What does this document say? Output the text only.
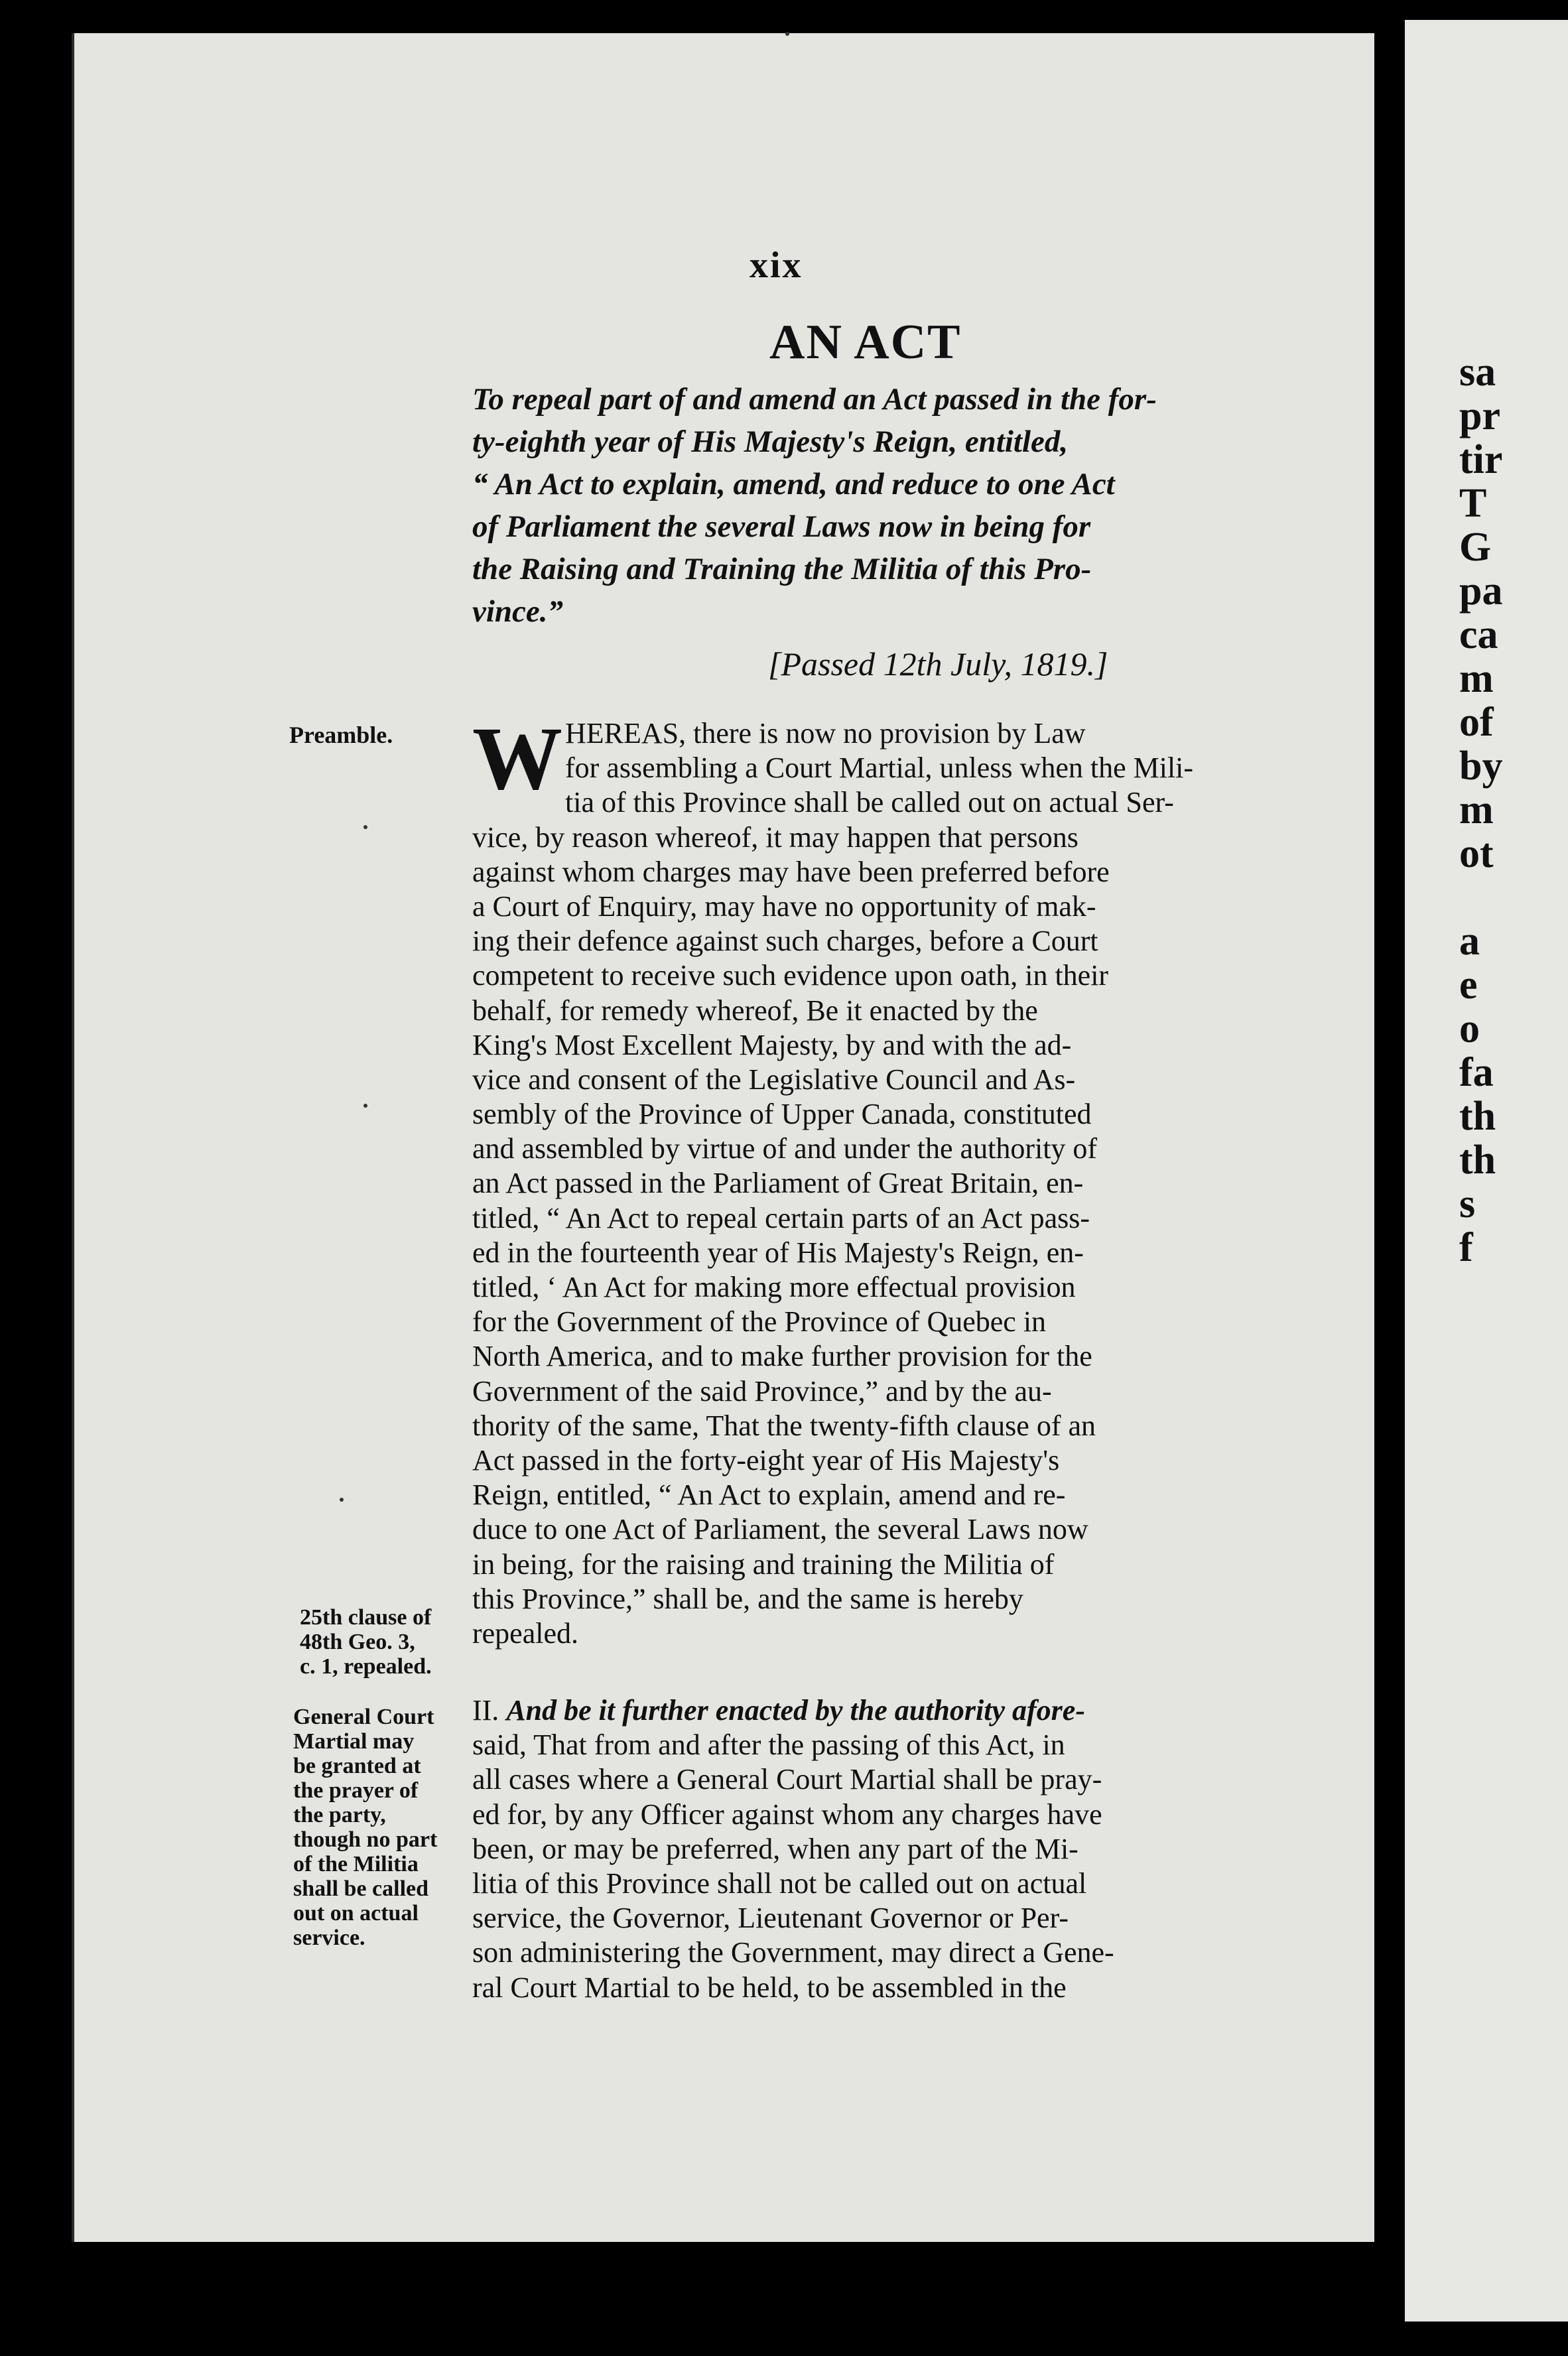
xix
AN ACT
To repeal part of and amend an Act passed in the for-
ty-eighth year of His Majesty's Reign, entitled,
“ An Act to explain, amend, and reduce to one Act
of Parliament the several Laws now in being for
the Raising and Training the Militia of this Pro-
vince.”
[Passed 12th July, 1819.]
Preamble.
25th clause of
48th Geo. 3,
c. 1, repealed.
General Court
Martial may
be granted at
the prayer of
the party,
though no part
of the Militia
shall be called
out on actual
service.
W HEREAS, there is now no provision by Law
for assembling a Court Martial, unless when the Mili-
tia of this Province shall be called out on actual Ser-
vice, by reason whereof, it may happen that persons
against whom charges may have been preferred before
a Court of Enquiry, may have no opportunity of mak-
ing their defence against such charges, before a Court
competent to receive such evidence upon oath, in their
behalf, for remedy whereof, Be it enacted by the
King's Most Excellent Majesty, by and with the ad-
vice and consent of the Legislative Council and As-
sembly of the Province of Upper Canada, constituted
and assembled by virtue of and under the authority of
an Act passed in the Parliament of Great Britain, en-
titled, “ An Act to repeal certain parts of an Act pass-
ed in the fourteenth year of His Majesty's Reign, en-
titled, ‘ An Act for making more effectual provision
for the Government of the Province of Quebec in
North America, and to make further provision for the
Government of the said Province,” and by the au-
thority of the same, That the twenty-fifth clause of an
Act passed in the forty-eight year of His Majesty's
Reign, entitled, “ An Act to explain, amend and re-
duce to one Act of Parliament, the several Laws now
in being, for the raising and training the Militia of
this Province,” shall be, and the same is hereby
repealed.
II. And be it further enacted by the authority afore-
said, That from and after the passing of this Act, in
all cases where a General Court Martial shall be pray-
ed for, by any Officer against whom any charges have
been, or may be preferred, when any part of the Mi-
litia of this Province shall not be called out on actual
service, the Governor, Lieutenant Governor or Per-
son administering the Government, may direct a Gene-
ral Court Martial to be held, to be assembled in the
sa
pr
tir
T
G
pa
ca
m
of
by
m
ot
a
e
o
fa
th
th
s
f
